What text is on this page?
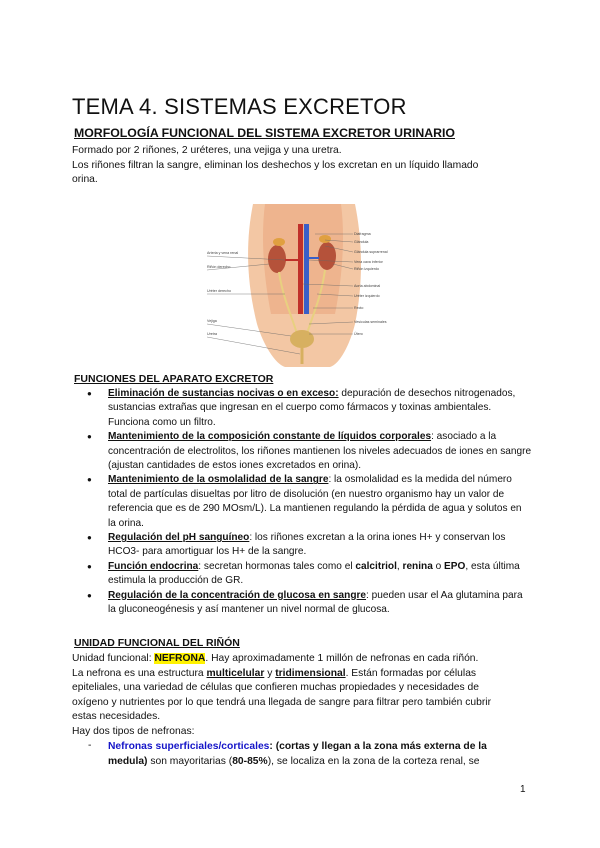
TEMA 4. SISTEMAS EXCRETOR
MORFOLOGÍA FUNCIONAL DEL SISTEMA EXCRETOR URINARIO
Formado por 2 riñones, 2 uréteres, una vejiga y una uretra.
Los riñones filtran la sangre, eliminan los deshechos y los excretan en un líquido llamado
orina.
Arteria y vena renal
Riñón derecho
Uréter derecho
Vejiga
Uretra
Diafragma
Glándula
Glándula suprarrenal
Vena cava inferior
Riñón izquierdo
Aorta abdominal
Uréter izquierdo
Recto
Vesículas seminales
Útero
FUNCIONES DEL APARATO EXCRETOR
● Eliminación de sustancias nocivas o en exceso: depuración de desechos nitrogenados, sustancias extrañas que ingresan en el cuerpo como fármacos y toxinas ambientales. Funciona como un filtro.
● Mantenimiento de la composición constante de líquidos corporales: asociado a la concentración de electrolitos, los riñones mantienen los niveles adecuados de iones en sangre (ajustan cantidades de estos iones excretados en orina).
● Mantenimiento de la osmolalidad de la sangre: la osmolalidad es la medida del número total de partículas disueltas por litro de disolución (en nuestro organismo hay un valor de referencia que es de 290 MOsm/L). La mantienen regulando la pérdida de agua y solutos en la orina.
● Regulación del pH sanguíneo: los riñones excretan a la orina iones H+ y conservan los HCO3- para amortiguar los H+ de la sangre.
● Función endocrina: secretan hormonas tales como el calcitriol, renina o EPO, esta última estimula la producción de GR.
● Regulación de la concentración de glucosa en sangre: pueden usar el Aa glutamina para la gluconeogénesis y así mantener un nivel normal de glucosa.
UNIDAD FUNCIONAL DEL RIÑÓN
Unidad funcional: NEFRONA. Hay aproximadamente 1 millón de nefronas en cada riñón.
La nefrona es una estructura multicelular y tridimensional. Están formadas por células
epiteliales, una variedad de células que confieren muchas propiedades y necesidades de
oxígeno y nutrientes por lo que tendrá una llegada de sangre para filtrar pero también cubrir
estas necesidades.
Hay dos tipos de nefronas:
- Nefronas superficiales/corticales: (cortas y llegan a la zona más externa de la
medula) son mayoritarias (80-85%), se localiza en la zona de la corteza renal, se
1
